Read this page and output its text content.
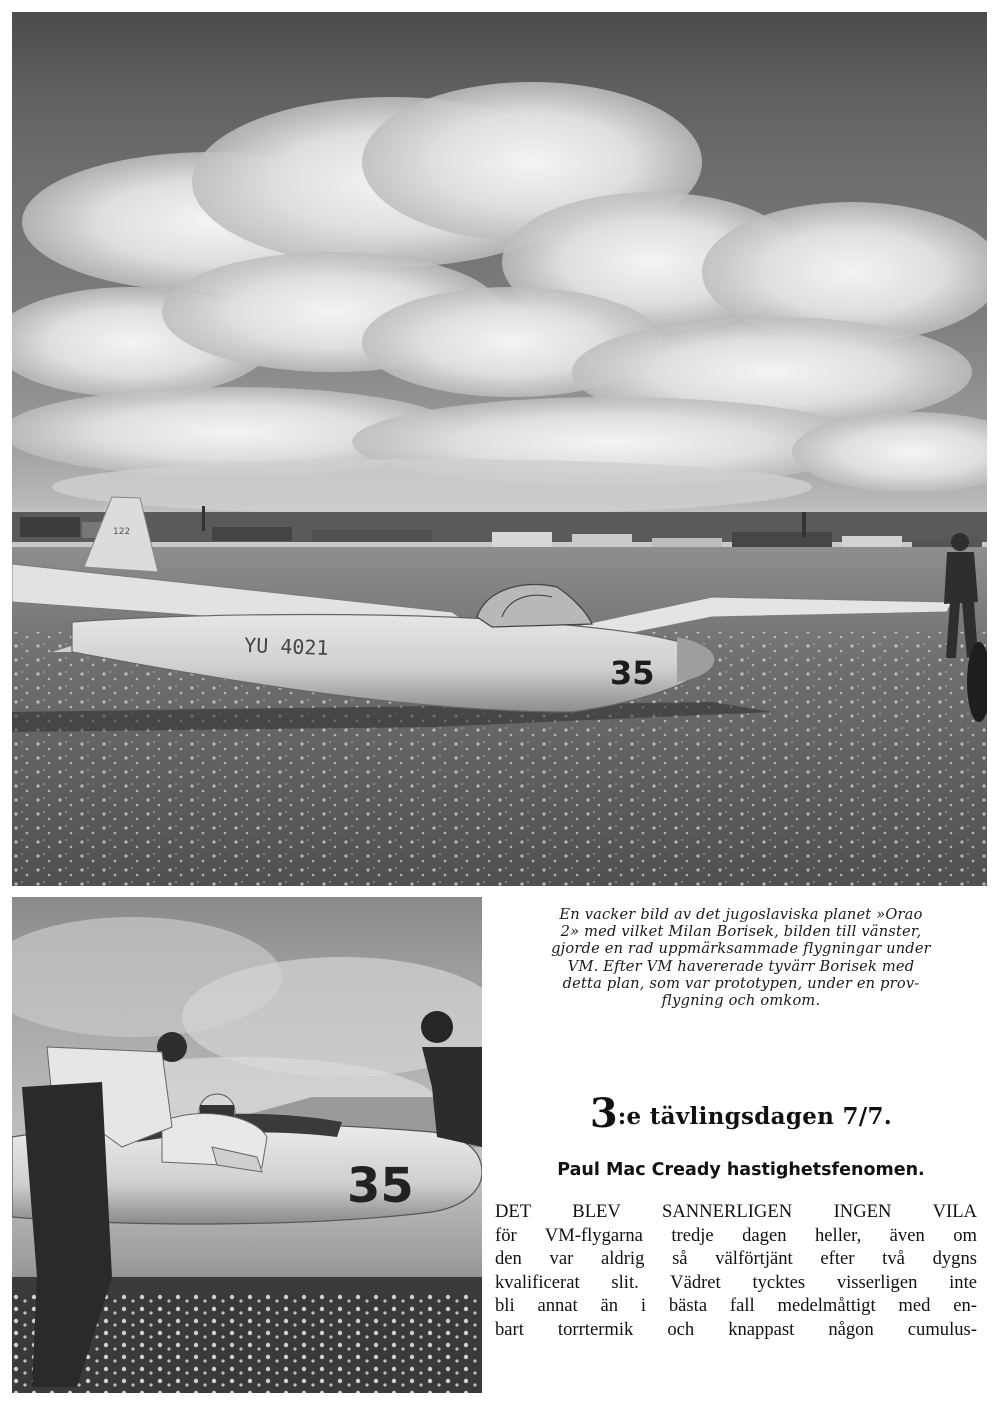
122
YU 4021
35
35
En vacker bild av det jugoslaviska planet »Orao
2» med vilket Milan Borisek, bilden till vänster,
gjorde en rad uppmärksammade flygningar under
VM. Efter VM havererade tyvärr Borisek med
detta plan, som var prototypen, under en prov-
flygning och omkom.
3:e tävlingsdagen 7/7.
Paul Mac Cready hastighetsfenomen.
DET BLEV SANNERLIGEN INGEN VILA
för VM-flygarna tredje dagen heller, även om
den var aldrig så välförtjänt efter två dygns
kvalificerat slit. Vädret tycktes visserligen inte
bli annat än i bästa fall medelmåttigt med en-
bart torrtermik och knappast någon cumulus-
